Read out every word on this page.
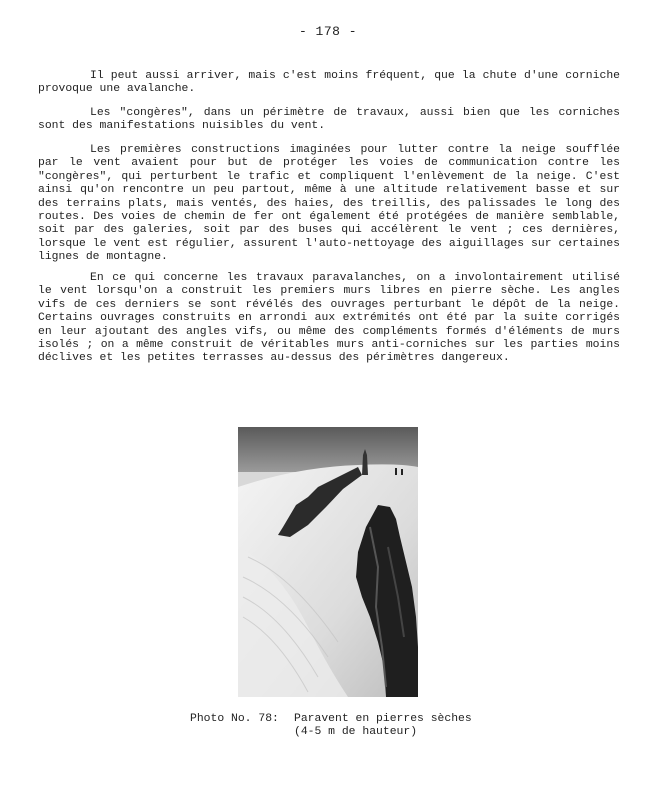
- 178 -

Il peut aussi arriver, mais c'est moins fréquent, que la chute d'une corniche provoque une avalanche.

Les "congères", dans un périmètre de travaux, aussi bien que les corniches sont des manifestations nuisibles du vent.

Les premières constructions imaginées pour lutter contre la neige soufflée par le vent avaient pour but de protéger les voies de communication contre les "congères", qui perturbent le trafic et compliquent l'enlèvement de la neige. C'est ainsi qu'on rencontre un peu partout, même à une altitude relativement basse et sur des terrains plats, mais ventés, des haies, des treillis, des palissades le long des routes. Des voies de chemin de fer ont également été protégées de manière semblable, soit par des galeries, soit par des buses qui accélèrent le vent ; ces dernières, lorsque le vent est régulier, assurent l'auto-nettoyage des aiguillages sur certaines lignes de montagne.

En ce qui concerne les travaux paravalanches, on a involontairement utilisé le vent lorsqu'on a construit les premiers murs libres en pierre sèche. Les angles vifs de ces derniers se sont révélés des ouvrages perturbant le dépôt de la neige. Certains ouvrages construits en arrondi aux extrémités ont été par la suite corrigés en leur ajoutant des angles vifs, ou même des compléments formés d'éléments de murs isolés ; on a même construit de véritables murs anti-corniches sur les parties moins déclives et les petites terrasses au-dessus des périmètres dangereux.

Photo No. 78: Paravent en pierres sèches
(4-5 m de hauteur)
